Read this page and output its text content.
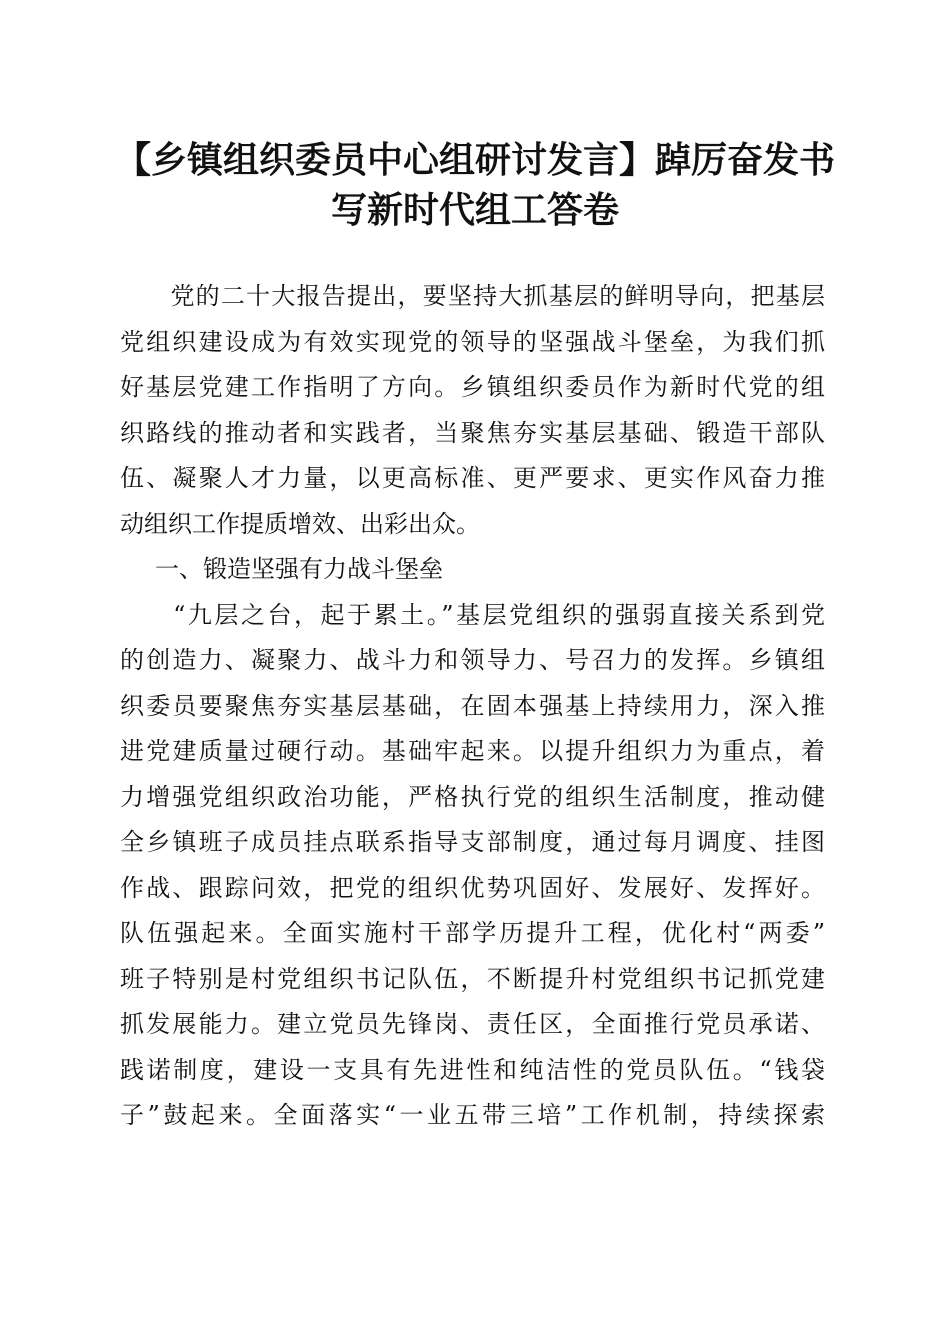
【乡镇组织委员中心组研讨发言】踔厉奋发书
写新时代组工答卷
　　党的二十大报告提出，要坚持大抓基层的鲜明导向，把基层
党组织建设成为有效实现党的领导的坚强战斗堡垒，为我们抓
好基层党建工作指明了方向。乡镇组织委员作为新时代党的组
织路线的推动者和实践者，当聚焦夯实基层基础、锻造干部队
伍、凝聚人才力量，以更高标准、更严要求、更实作风奋力推
动组织工作提质增效、出彩出众。
一、锻造坚强有力战斗堡垒
　　“九层之台，起于累土。”基层党组织的强弱直接关系到党
的创造力、凝聚力、战斗力和领导力、号召力的发挥。乡镇组
织委员要聚焦夯实基层基础，在固本强基上持续用力，深入推
进党建质量过硬行动。基础牢起来。以提升组织力为重点，着
力增强党组织政治功能，严格执行党的组织生活制度，推动健
全乡镇班子成员挂点联系指导支部制度，通过每月调度、挂图
作战、跟踪问效，把党的组织优势巩固好、发展好、发挥好。
队伍强起来。全面实施村干部学历提升工程，优化村“两委”
班子特别是村党组织书记队伍，不断提升村党组织书记抓党建
抓发展能力。建立党员先锋岗、责任区，全面推行党员承诺、
践诺制度，建设一支具有先进性和纯洁性的党员队伍。“钱袋
子”鼓起来。全面落实“一业五带三培”工作机制，持续探索
